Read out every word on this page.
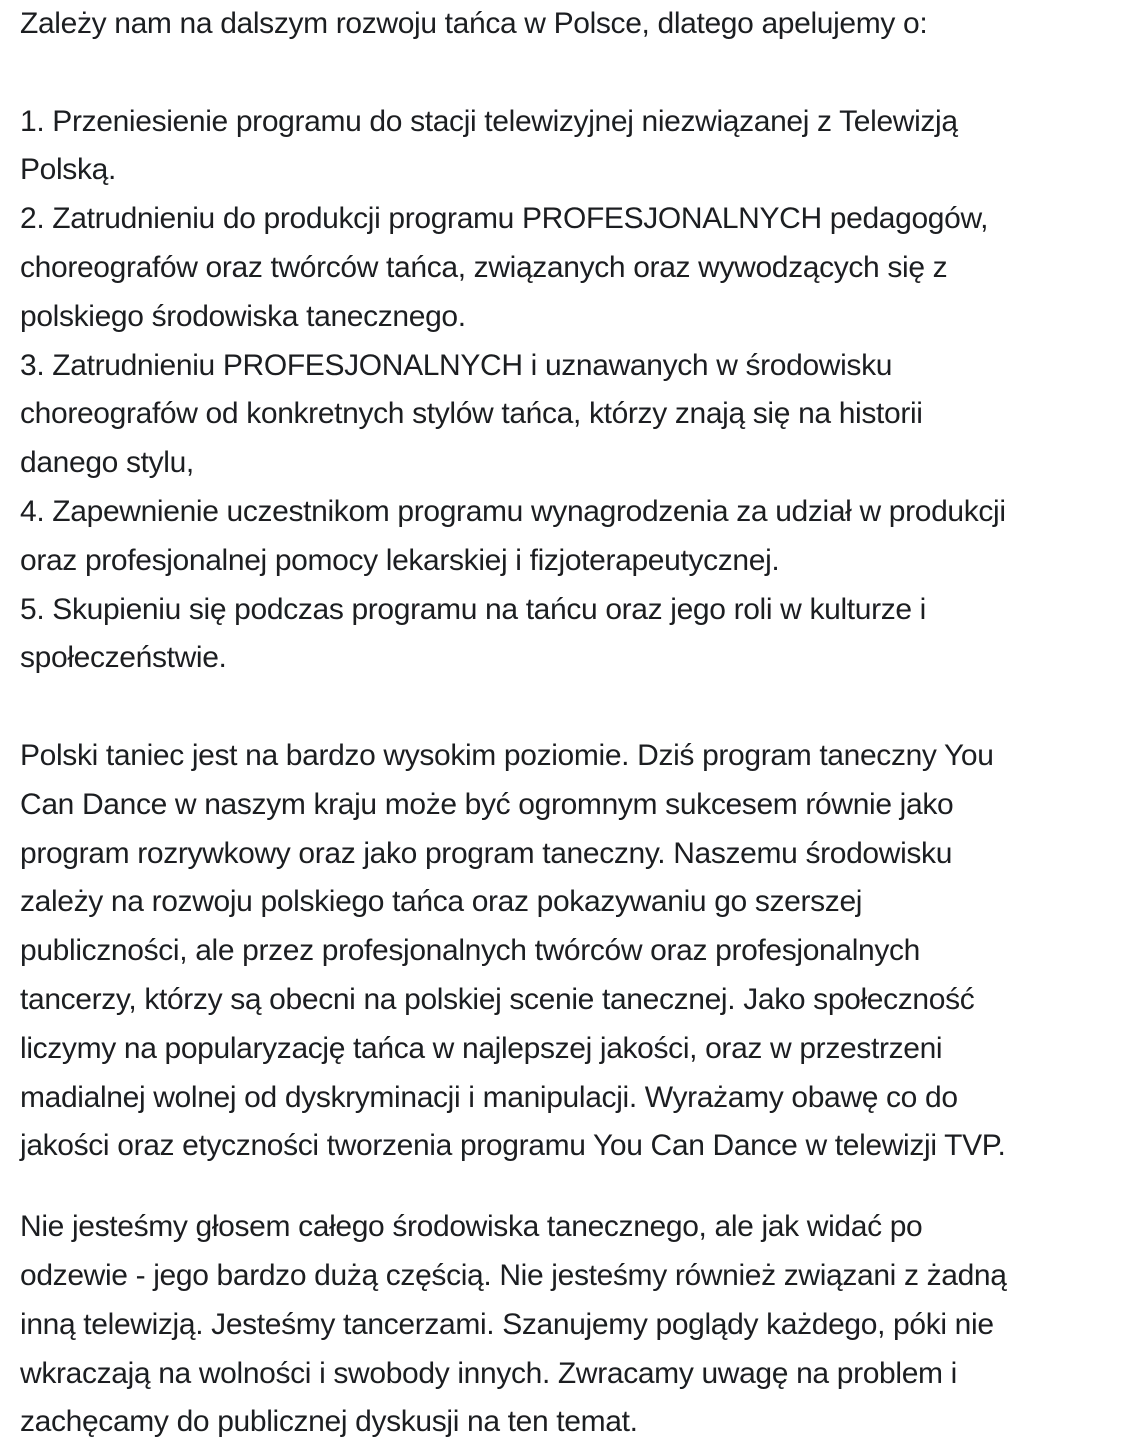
Zależy nam na dalszym rozwoju tańca w Polsce, dlatego apelujemy o:
1. Przeniesienie programu do stacji telewizyjnej niezwiązanej z Telewizją
Polską.
2. Zatrudnieniu do produkcji programu PROFESJONALNYCH pedagogów,
choreografów oraz twórców tańca, związanych oraz wywodzących się z
polskiego środowiska tanecznego.
3. Zatrudnieniu PROFESJONALNYCH i uznawanych w środowisku
choreografów od konkretnych stylów tańca, którzy znają się na historii
danego stylu,
4. Zapewnienie uczestnikom programu wynagrodzenia za udział w produkcji
oraz profesjonalnej pomocy lekarskiej i fizjoterapeutycznej.
5. Skupieniu się podczas programu na tańcu oraz jego roli w kulturze i
społeczeństwie.
Polski taniec jest na bardzo wysokim poziomie. Dziś program taneczny You
Can Dance w naszym kraju może być ogromnym sukcesem równie jako
program rozrywkowy oraz jako program taneczny. Naszemu środowisku
zależy na rozwoju polskiego tańca oraz pokazywaniu go szerszej
publiczności, ale przez profesjonalnych twórców oraz profesjonalnych
tancerzy, którzy są obecni na polskiej scenie tanecznej. Jako społeczność
liczymy na popularyzację tańca w najlepszej jakości, oraz w przestrzeni
madialnej wolnej od dyskryminacji i manipulacji. Wyrażamy obawę co do
jakości oraz etyczności tworzenia programu You Can Dance w telewizji TVP.
Nie jesteśmy głosem całego środowiska tanecznego, ale jak widać po
odzewie - jego bardzo dużą częścią. Nie jesteśmy również związani z żadną
inną telewizją. Jesteśmy tancerzami. Szanujemy poglądy każdego, póki nie
wkraczają na wolności i swobody innych. Zwracamy uwagę na problem i
zachęcamy do publicznej dyskusji na ten temat.
